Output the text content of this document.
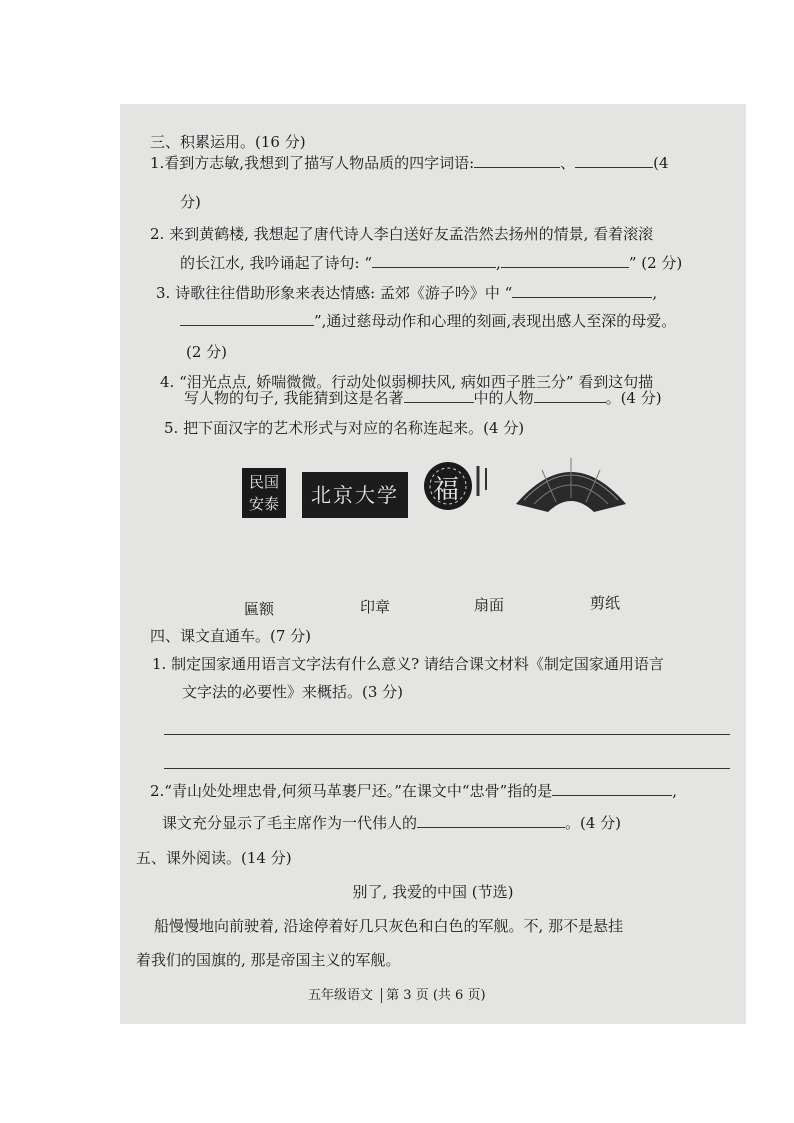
三、积累运用。(16 分)
1.看到方志敏,我想到了描写人物品质的四字词语:	、	(4
分)
2. 来到黄鹤楼, 我想起了唐代诗人李白送好友孟浩然去扬州的情景, 看着滚滚
的长江水, 我吟诵起了诗句: “	,	” (2 分)
3. 诗歌往往借助形象来表达情感: 孟郊《游子吟》中 “	,
”,通过慈母动作和心理的刻画,表现出感人至深的母爱。
(2 分)
4. “泪光点点, 娇喘微微。行动处似弱柳扶风, 病如西子胜三分” 看到这句描
写人物的句子, 我能猜到这是名著	中的人物	。(4 分)
5. 把下面汉字的艺术形式与对应的名称连起来。(4 分)
民国
安泰	北京大学	福
匾额	印章	扇面	剪纸
四、课文直通车。(7 分)
1. 制定国家通用语言文字法有什么意义? 请结合课文材料《制定国家通用语言
文字法的必要性》来概括。(3 分)
2.“青山处处埋忠骨,何须马革裹尸还。”在课文中“忠骨”指的是	,
课文充分显示了毛主席作为一代伟人的	。(4 分)
五、课外阅读。(14 分)
别了, 我爱的中国 (节选)
船慢慢地向前驶着, 沿途停着好几只灰色和白色的军舰。不, 那不是悬挂
着我们的国旗的, 那是帝国主义的军舰。
五年级语文 第 3 页 (共 6 页)
